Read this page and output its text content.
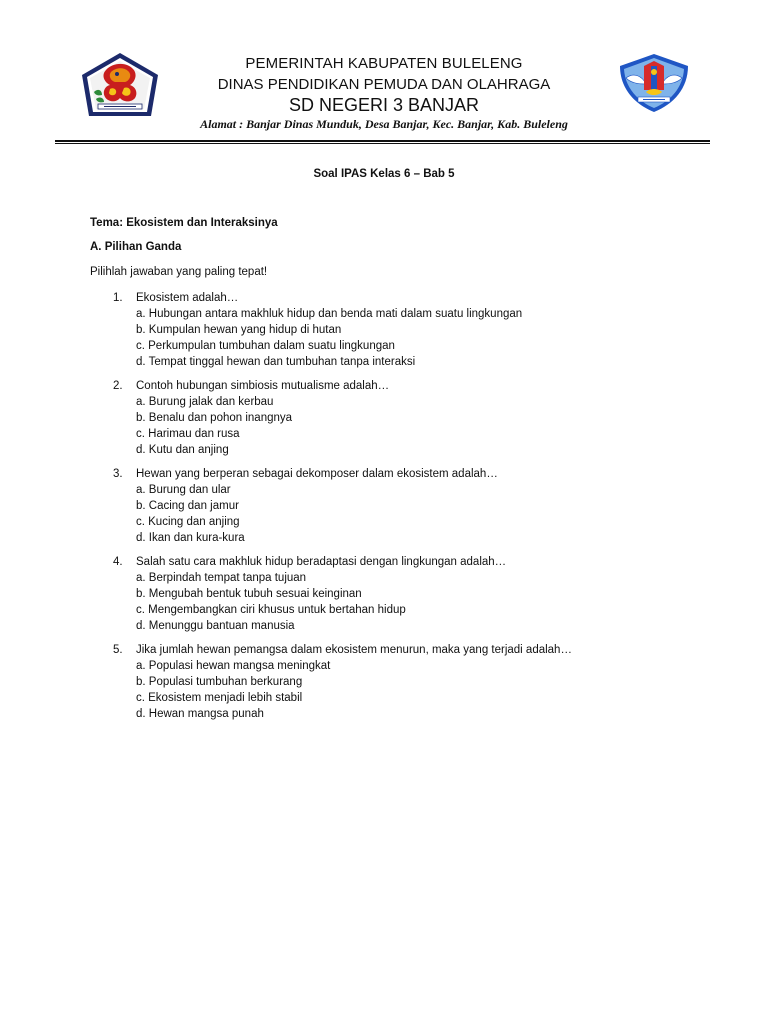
PEMERINTAH KABUPATEN BULELENG
DINAS PENDIDIKAN PEMUDA DAN OLAHRAGA
SD NEGERI 3 BANJAR
Alamat : Banjar Dinas Munduk, Desa Banjar, Kec. Banjar, Kab. Buleleng
Soal IPAS Kelas 6 – Bab 5
Tema: Ekosistem dan Interaksinya
A. Pilihan Ganda
Pilihlah jawaban yang paling tepat!
1. Ekosistem adalah…
a. Hubungan antara makhluk hidup dan benda mati dalam suatu lingkungan
b. Kumpulan hewan yang hidup di hutan
c. Perkumpulan tumbuhan dalam suatu lingkungan
d. Tempat tinggal hewan dan tumbuhan tanpa interaksi
2. Contoh hubungan simbiosis mutualisme adalah…
a. Burung jalak dan kerbau
b. Benalu dan pohon inangnya
c. Harimau dan rusa
d. Kutu dan anjing
3. Hewan yang berperan sebagai dekomposer dalam ekosistem adalah…
a. Burung dan ular
b. Cacing dan jamur
c. Kucing dan anjing
d. Ikan dan kura-kura
4. Salah satu cara makhluk hidup beradaptasi dengan lingkungan adalah…
a. Berpindah tempat tanpa tujuan
b. Mengubah bentuk tubuh sesuai keinginan
c. Mengembangkan ciri khusus untuk bertahan hidup
d. Menunggu bantuan manusia
5. Jika jumlah hewan pemangsa dalam ekosistem menurun, maka yang terjadi adalah…
a. Populasi hewan mangsa meningkat
b. Populasi tumbuhan berkurang
c. Ekosistem menjadi lebih stabil
d. Hewan mangsa punah
